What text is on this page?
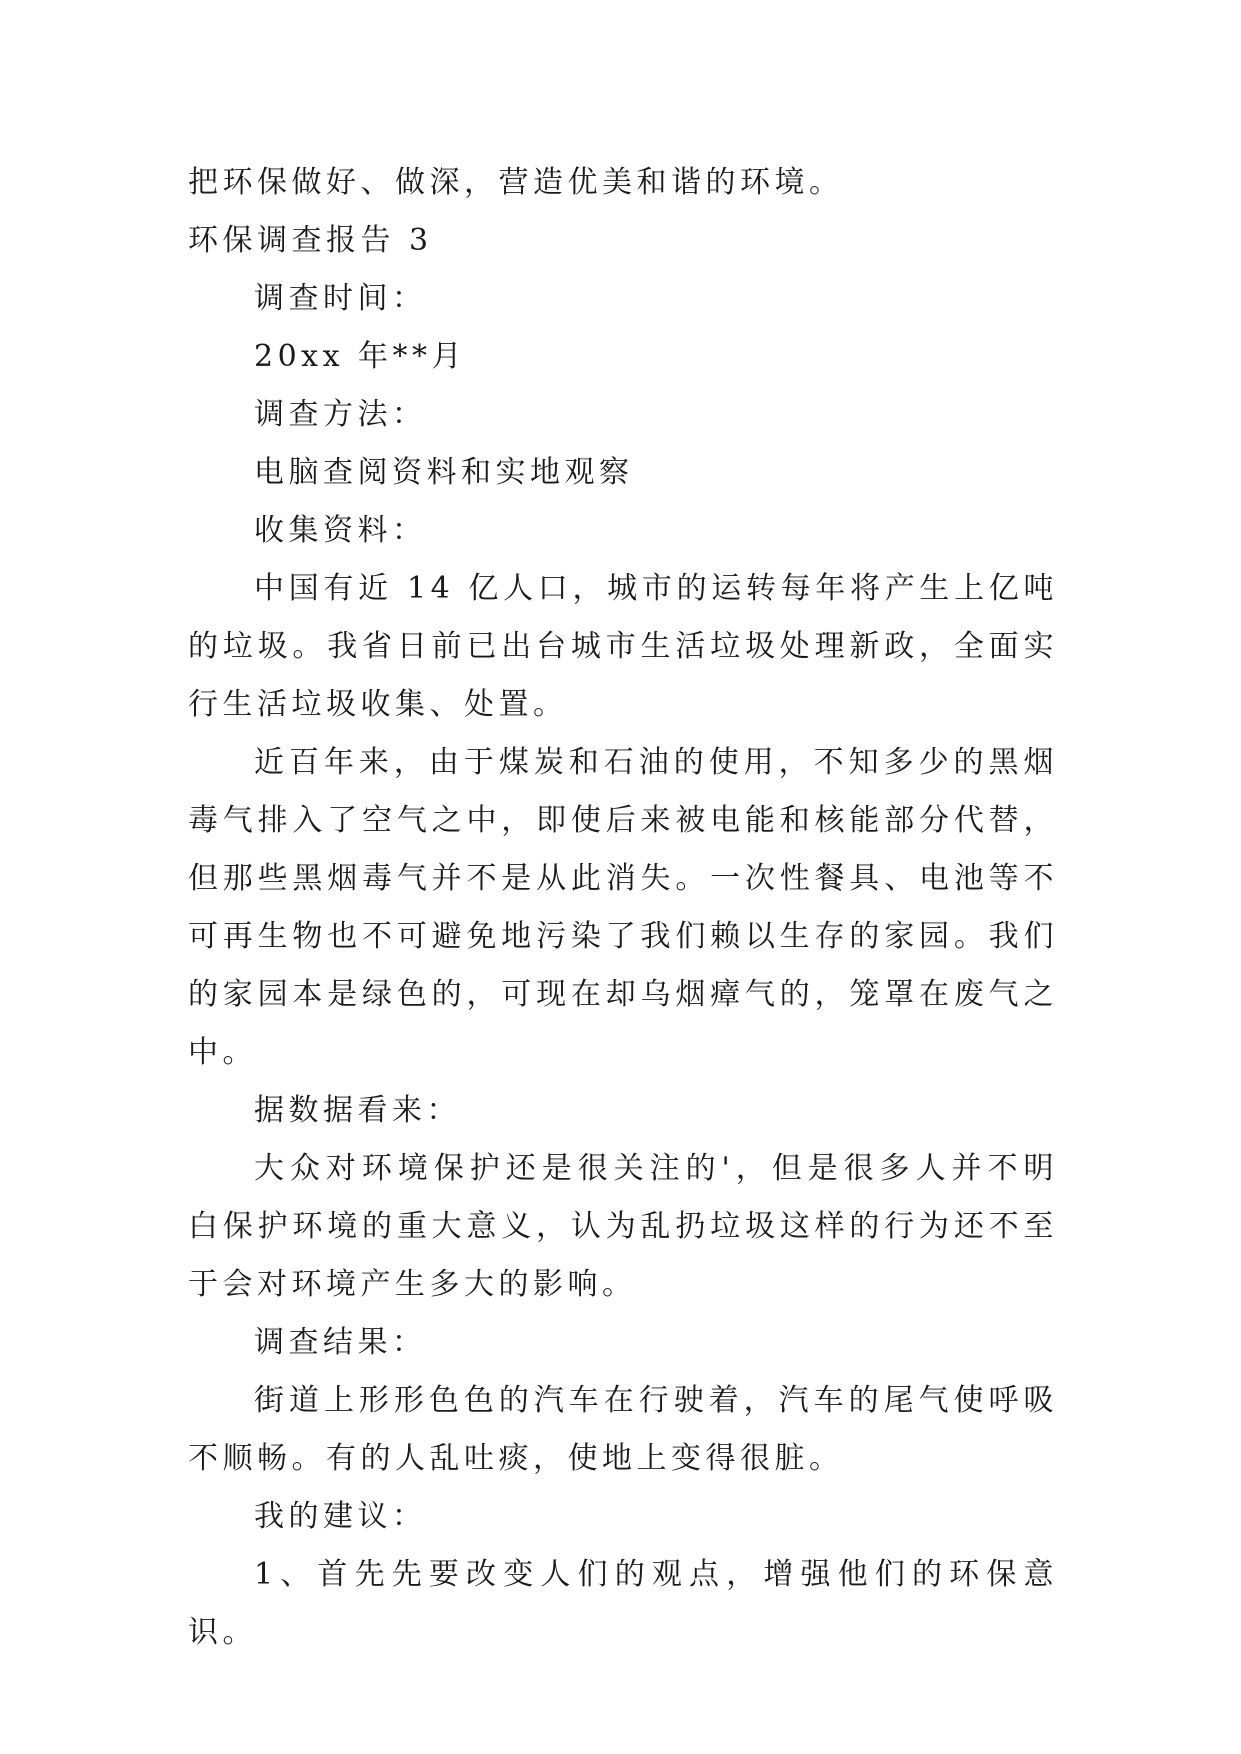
把环保做好、做深，营造优美和谐的环境。

环保调查报告 3

调查时间：

20xx 年**月

调查方法：

电脑查阅资料和实地观察

收集资料：

中国有近 14 亿人口，城市的运转每年将产生上亿吨的垃圾。我省日前已出台城市生活垃圾处理新政，全面实行生活垃圾收集、处置。

近百年来，由于煤炭和石油的使用，不知多少的黑烟毒气排入了空气之中，即使后来被电能和核能部分代替，但那些黑烟毒气并不是从此消失。一次性餐具、电池等不可再生物也不可避免地污染了我们赖以生存的家园。我们的家园本是绿色的，可现在却乌烟瘴气的，笼罩在废气之中。

据数据看来：

大众对环境保护还是很关注的'，但是很多人并不明白保护环境的重大意义，认为乱扔垃圾这样的行为还不至于会对环境产生多大的影响。

调查结果：

街道上形形色色的汽车在行驶着，汽车的尾气使呼吸不顺畅。有的人乱吐痰，使地上变得很脏。

我的建议：

1、首先先要改变人们的观点，增强他们的环保意识。
